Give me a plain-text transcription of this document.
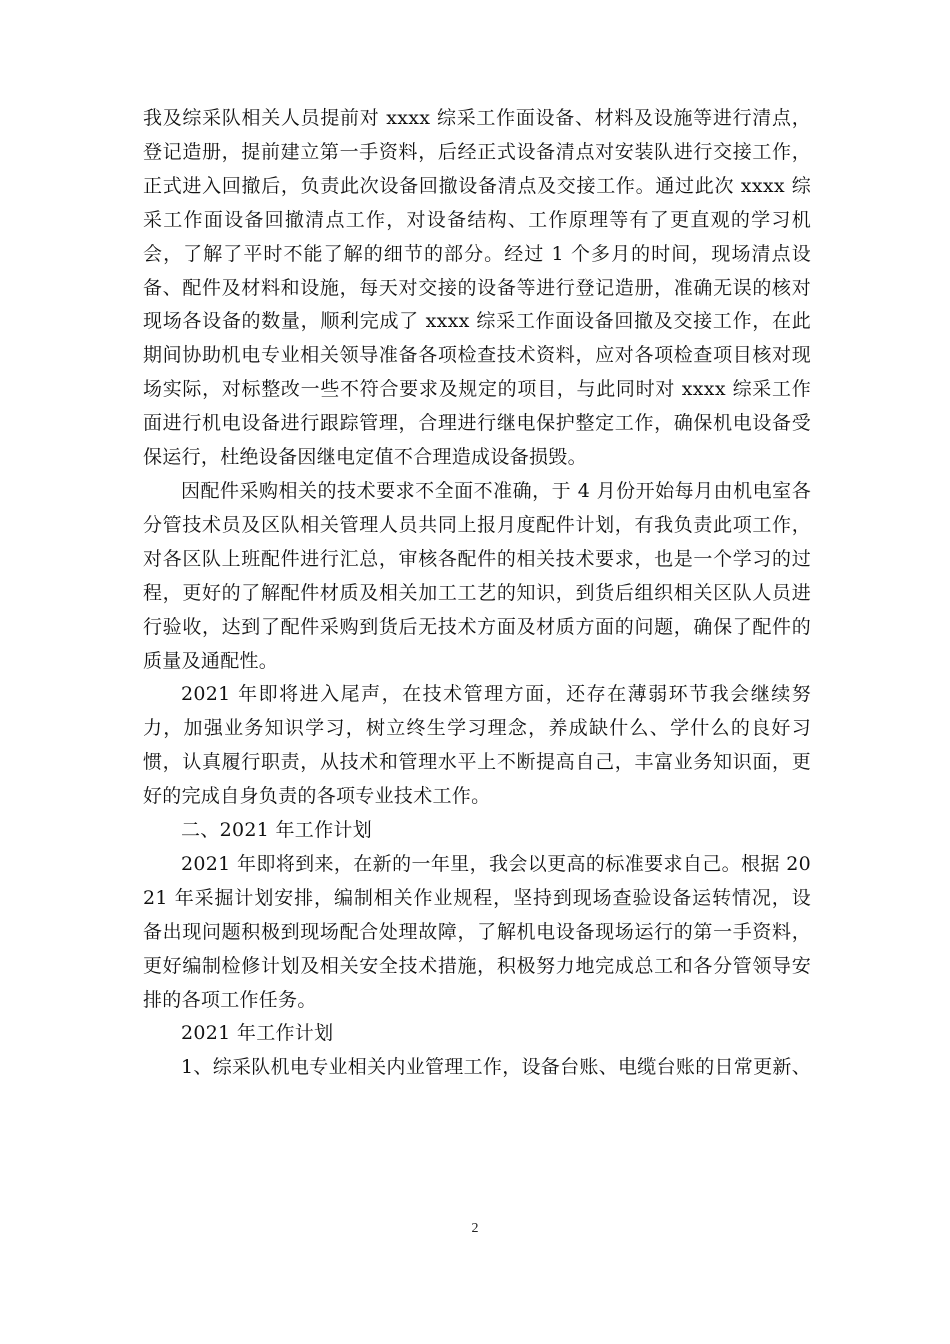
我及综采队相关人员提前对 xxxx 综采工作面设备、材料及设施等进行清点，登记造册，提前建立第一手资料，后经正式设备清点对安装队进行交接工作，正式进入回撤后，负责此次设备回撤设备清点及交接工作。通过此次 xxxx 综采工作面设备回撤清点工作，对设备结构、工作原理等有了更直观的学习机会，了解了平时不能了解的细节的部分。经过 1 个多月的时间，现场清点设备、配件及材料和设施，每天对交接的设备等进行登记造册，准确无误的核对现场各设备的数量，顺利完成了 xxxx 综采工作面设备回撤及交接工作，在此期间协助机电专业相关领导准备各项检查技术资料，应对各项检查项目核对现场实际，对标整改一些不符合要求及规定的项目，与此同时对 xxxx 综采工作面进行机电设备进行跟踪管理，合理进行继电保护整定工作，确保机电设备受保运行，杜绝设备因继电定值不合理造成设备损毁。

因配件采购相关的技术要求不全面不准确，于 4 月份开始每月由机电室各分管技术员及区队相关管理人员共同上报月度配件计划，有我负责此项工作，对各区队上班配件进行汇总，审核各配件的相关技术要求，也是一个学习的过程，更好的了解配件材质及相关加工工艺的知识，到货后组织相关区队人员进行验收，达到了配件采购到货后无技术方面及材质方面的问题，确保了配件的质量及通配性。

2021 年即将进入尾声，在技术管理方面，还存在薄弱环节我会继续努力，加强业务知识学习，树立终生学习理念，养成缺什么、学什么的良好习惯，认真履行职责，从技术和管理水平上不断提高自己，丰富业务知识面，更好的完成自身负责的各项专业技术工作。

二、2021 年工作计划

2021 年即将到来，在新的一年里，我会以更高的标准要求自己。根据 2021 年采掘计划安排，编制相关作业规程，坚持到现场查验设备运转情况，设备出现问题积极到现场配合处理故障，了解机电设备现场运行的第一手资料，更好编制检修计划及相关安全技术措施，积极努力地完成总工和各分管领导安排的各项工作任务。

2021 年工作计划

1、综采队机电专业相关内业管理工作，设备台账、电缆台账的日常更新、

2
